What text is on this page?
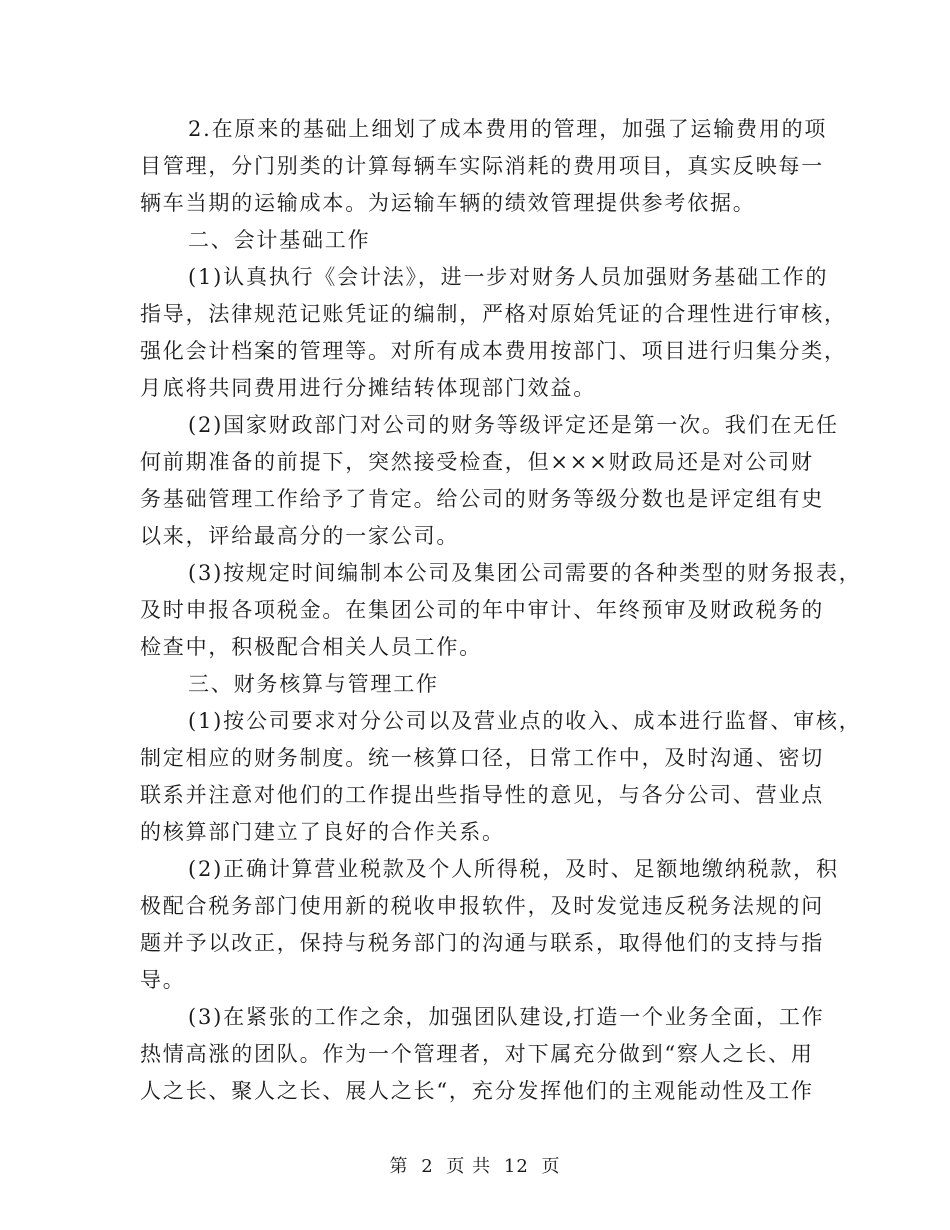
2.在原来的基础上细划了成本费用的管理，加强了运输费用的项
目管理，分门别类的计算每辆车实际消耗的费用项目，真实反映每一
辆车当期的运输成本。为运输车辆的绩效管理提供参考依据。
二、会计基础工作
(1)认真执行《会计法》，进一步对财务人员加强财务基础工作的
指导，法律规范记账凭证的编制，严格对原始凭证的合理性进行审核，
强化会计档案的管理等。对所有成本费用按部门、项目进行归集分类，
月底将共同费用进行分摊结转体现部门效益。
(2)国家财政部门对公司的财务等级评定还是第一次。我们在无任
何前期准备的前提下，突然接受检查，但×××财政局还是对公司财
务基础管理工作给予了肯定。给公司的财务等级分数也是评定组有史
以来，评给最高分的一家公司。
(3)按规定时间编制本公司及集团公司需要的各种类型的财务报表，
及时申报各项税金。在集团公司的年中审计、年终预审及财政税务的
检查中，积极配合相关人员工作。
三、财务核算与管理工作
(1)按公司要求对分公司以及营业点的收入、成本进行监督、审核，
制定相应的财务制度。统一核算口径，日常工作中，及时沟通、密切
联系并注意对他们的工作提出些指导性的意见，与各分公司、营业点
的核算部门建立了良好的合作关系。
(2)正确计算营业税款及个人所得税，及时、足额地缴纳税款，积
极配合税务部门使用新的税收申报软件，及时发觉违反税务法规的问
题并予以改正，保持与税务部门的沟通与联系，取得他们的支持与指
导。
(3)在紧张的工作之余，加强团队建设,打造一个业务全面，工作
热情高涨的团队。作为一个管理者，对下属充分做到“察人之长、用
人之长、聚人之长、展人之长“，充分发挥他们的主观能动性及工作
第 2 页 共 12 页
